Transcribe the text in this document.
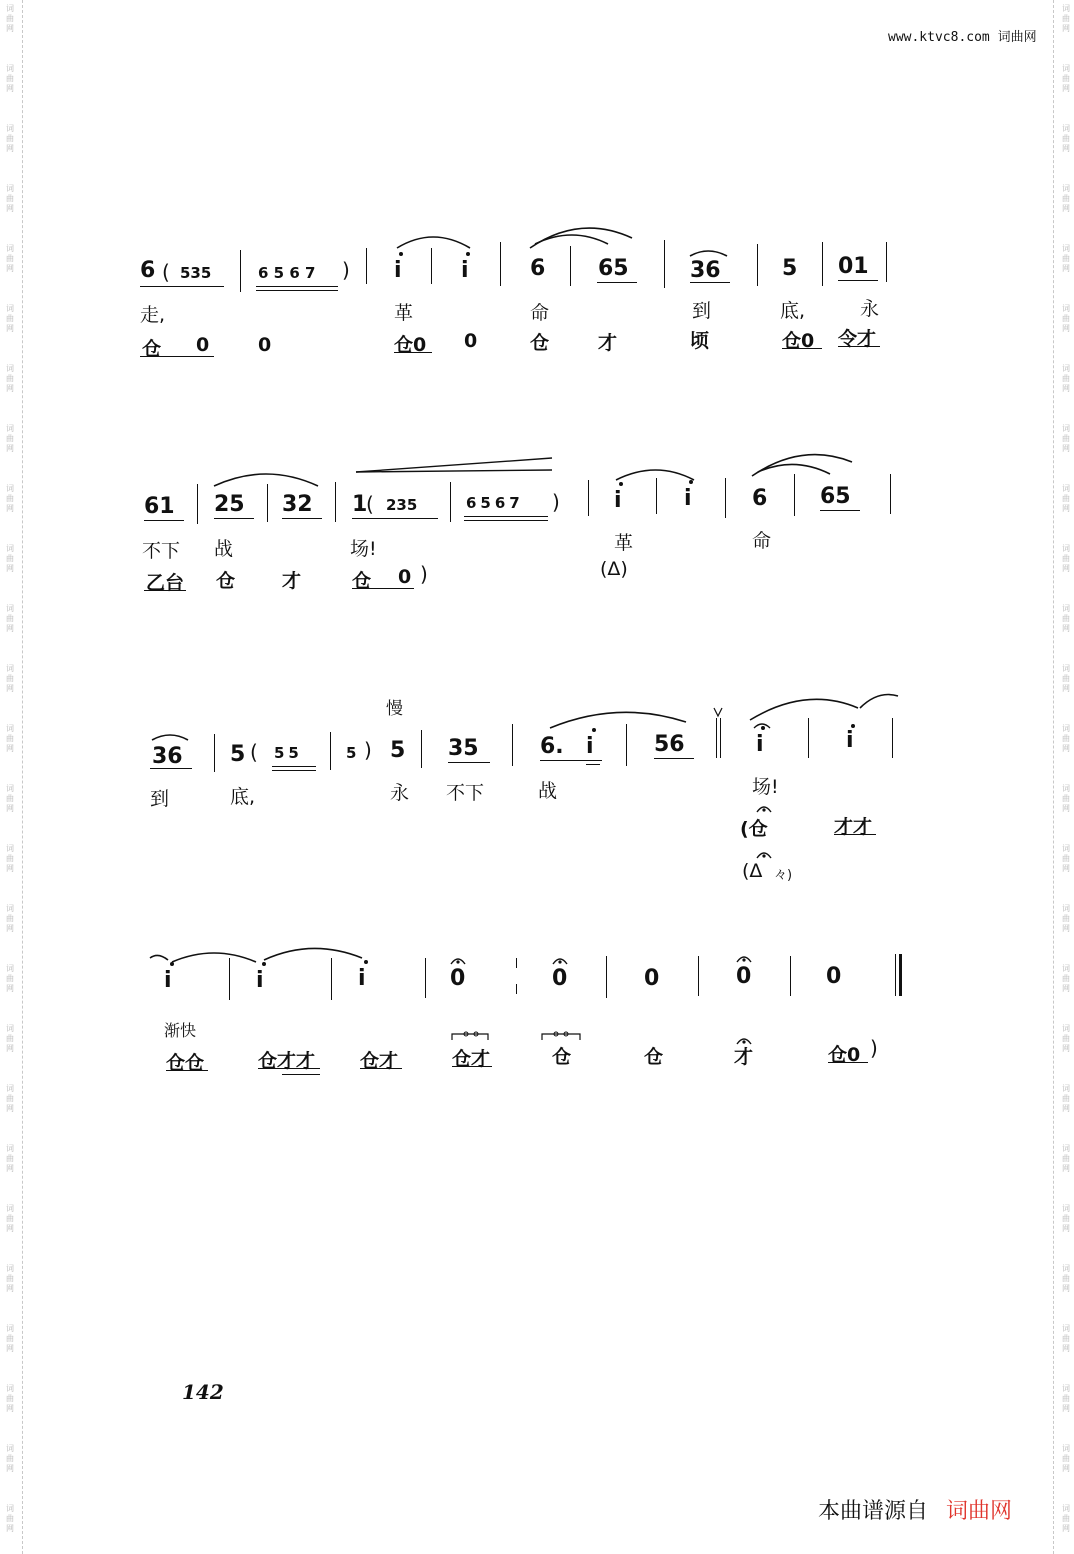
词
曲
网
词
曲
网
词
曲
网
词
曲
网
词
曲
网
词
曲
网
词
曲
网
词
曲
网
词
曲
网
词
曲
网
词
曲
网
词
曲
网
词
曲
网
词
曲
网
词
曲
网
词
曲
网
词
曲
网
词
曲
网
词
曲
网
词
曲
网
词
曲
网
词
曲
网
词
曲
网
词
曲
网
词
曲
网
词
曲
网
词
曲
网
词
曲
网
词
曲
网
词
曲
网
词
曲
网
词
曲
网
词
曲
网
词
曲
网
词
曲
网
词
曲
网
词
曲
网
词
曲
网
词
曲
网
词
曲
网
词
曲
网
词
曲
网
词
曲
网
词
曲
网
词
曲
网
词
曲
网
词
曲
网
词
曲
网
词
曲
网
词
曲
网
词
曲
网
词
曲
网
www.ktvc8.com 词曲网
6 ( 535	6 5 6 7 ) i	i	6 65	36	5 01
走,	革	命	到	底,	永
仓 0	0	仓0 0	仓	才	顷	仓0 令才
61 25 32 1
( 235	6567 ) i	i	6 65
不下 战	场!	革	命
乙台 仓 才	仓 0 )	(Δ)
慢
36 5 ( 55	5 ) 5 35	6. i	56	i	i
到	底,	永 不下	战	场!
(仓	才才
(Δ 々)
i	i	i	0	0	0	0	0
渐快
仓仓	仓才才 仓才	仓才	仓	仓	才	仓0 )
142
本曲谱源自 词曲网
